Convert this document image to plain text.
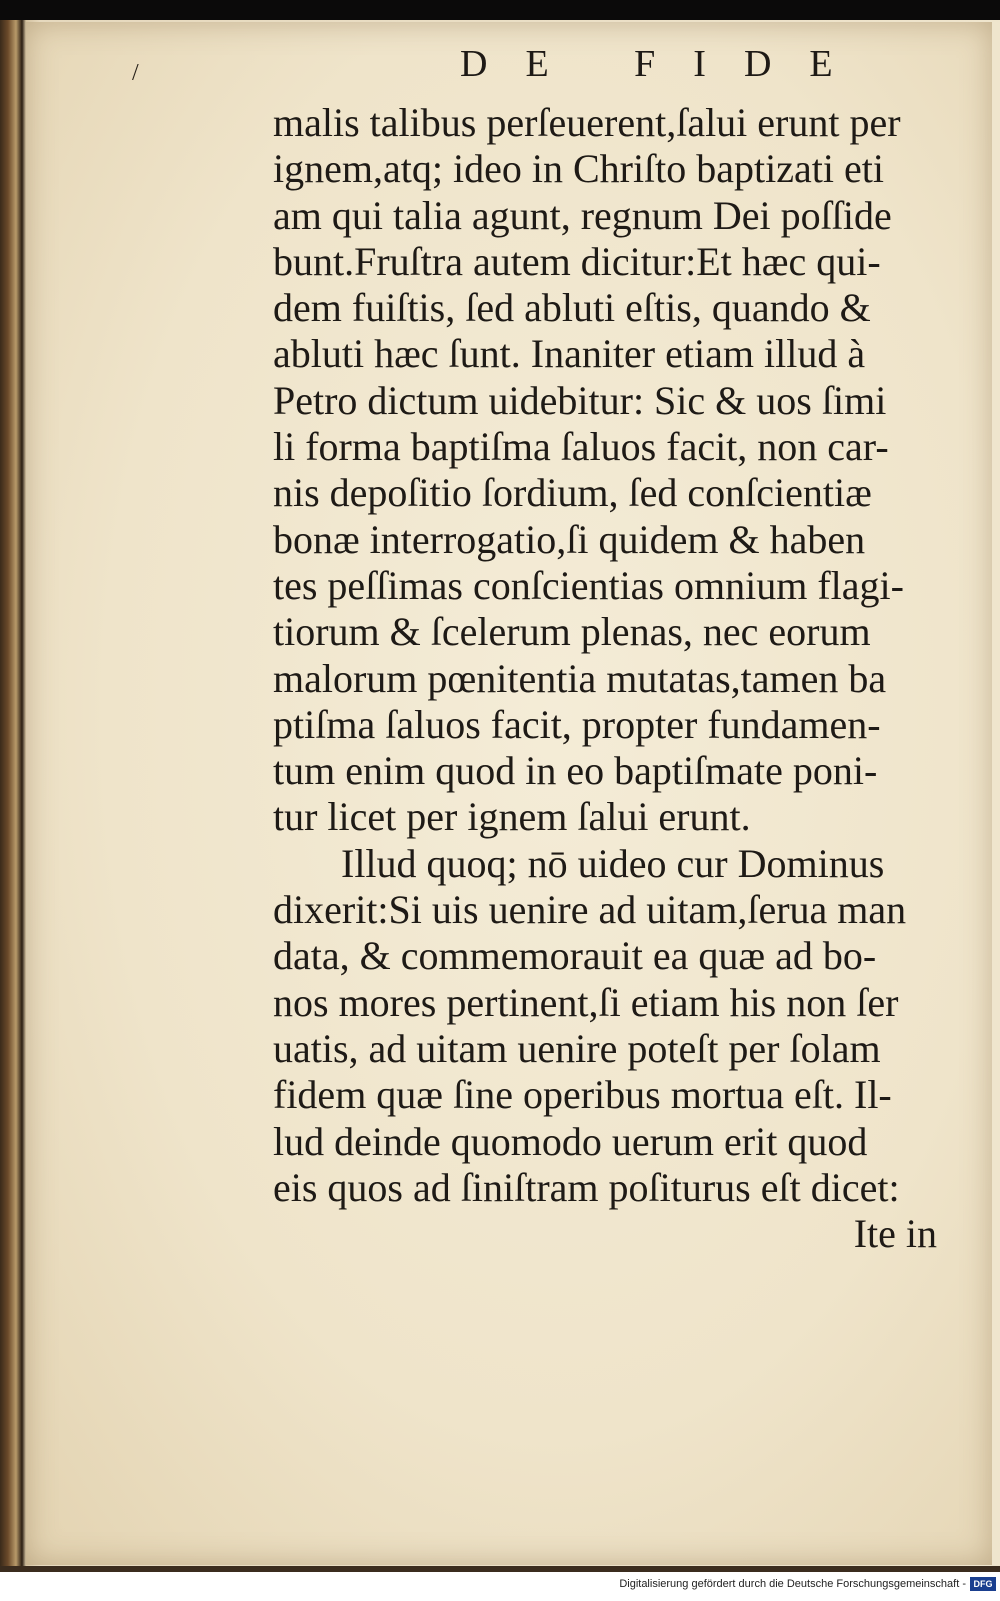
DE FIDE
/
malis talibus perſeuerent,ſalui erunt per
ignem,atq; ideo in Chriſto baptizati eti
am qui talia agunt, regnum Dei poſſide
bunt.Fruſtra autem dicitur:Et hæc qui-
dem fuiſtis, ſed abluti eſtis, quando &
abluti hæc ſunt. Inaniter etiam illud à
Petro dictum uidebitur: Sic & uos ſimi
li forma baptiſma ſaluos facit, non car-
nis depoſitio ſordium, ſed conſcientiæ
bonæ interrogatio,ſi quidem & haben
tes peſſimas conſcientias omnium flagi-
tiorum & ſcelerum plenas, nec eorum
malorum pœnitentia mutatas,tamen ba
ptiſma ſaluos facit, propter fundamen-
tum enim quod in eo baptiſmate poni-
tur licet per ignem ſalui erunt.
Illud quoq; nō uideo cur Dominus
dixerit:Si uis uenire ad uitam,ſerua man
data, & commemorauit ea quæ ad bo-
nos mores pertinent,ſi etiam his non ſer
uatis, ad uitam uenire poteſt per ſolam
fidem quæ ſine operibus mortua eſt. Il-
lud deinde quomodo uerum erit quod
eis quos ad ſiniſtram poſiturus eſt dicet:
Ite in
Digitalisierung gefördert durch die Deutsche Forschungsgemeinschaft - DFG
